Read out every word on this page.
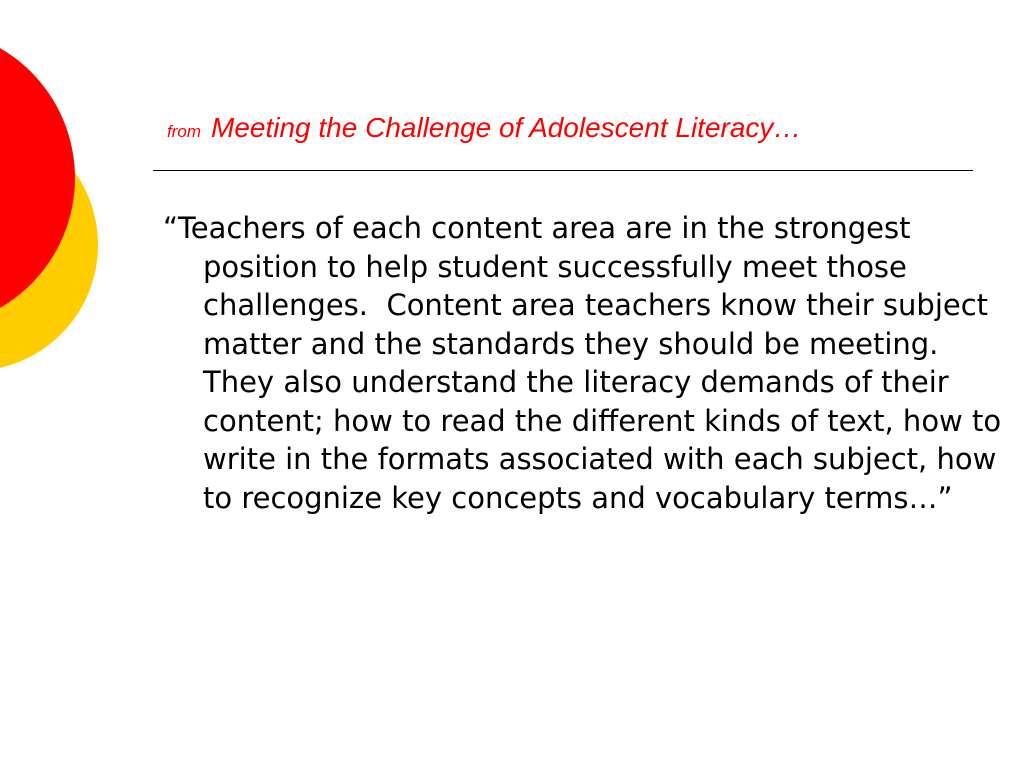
from Meeting the Challenge of Adolescent Literacy…

“Teachers of each content area are in the strongest position to help student successfully meet those challenges.  Content area teachers know their subject matter and the standards they should be meeting.  They also understand the literacy demands of their content; how to read the different kinds of text, how to write in the formats associated with each subject, how to recognize key concepts and vocabulary terms…”
